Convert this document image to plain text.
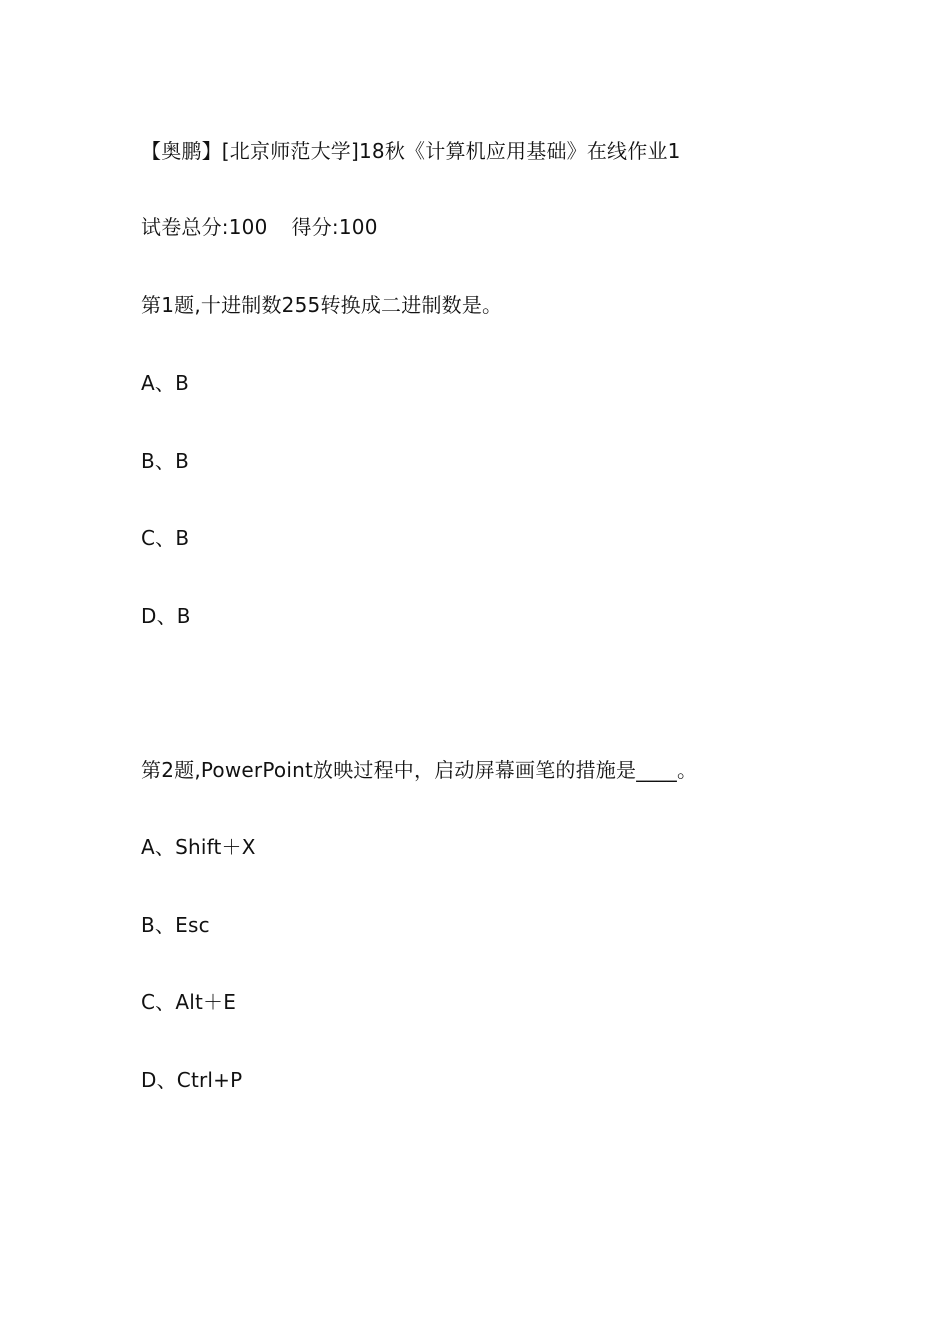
【奥鹏】[北京师范大学]18秋《计算机应用基础》在线作业1
试卷总分:100 得分:100
第1题,十进制数255转换成二进制数是。
A、B
B、B
C、B
D、B
第2题,PowerPoint放映过程中，启动屏幕画笔的措施是____。
A、Shift＋X
B、Esc
C、Alt＋E
D、Ctrl+P
